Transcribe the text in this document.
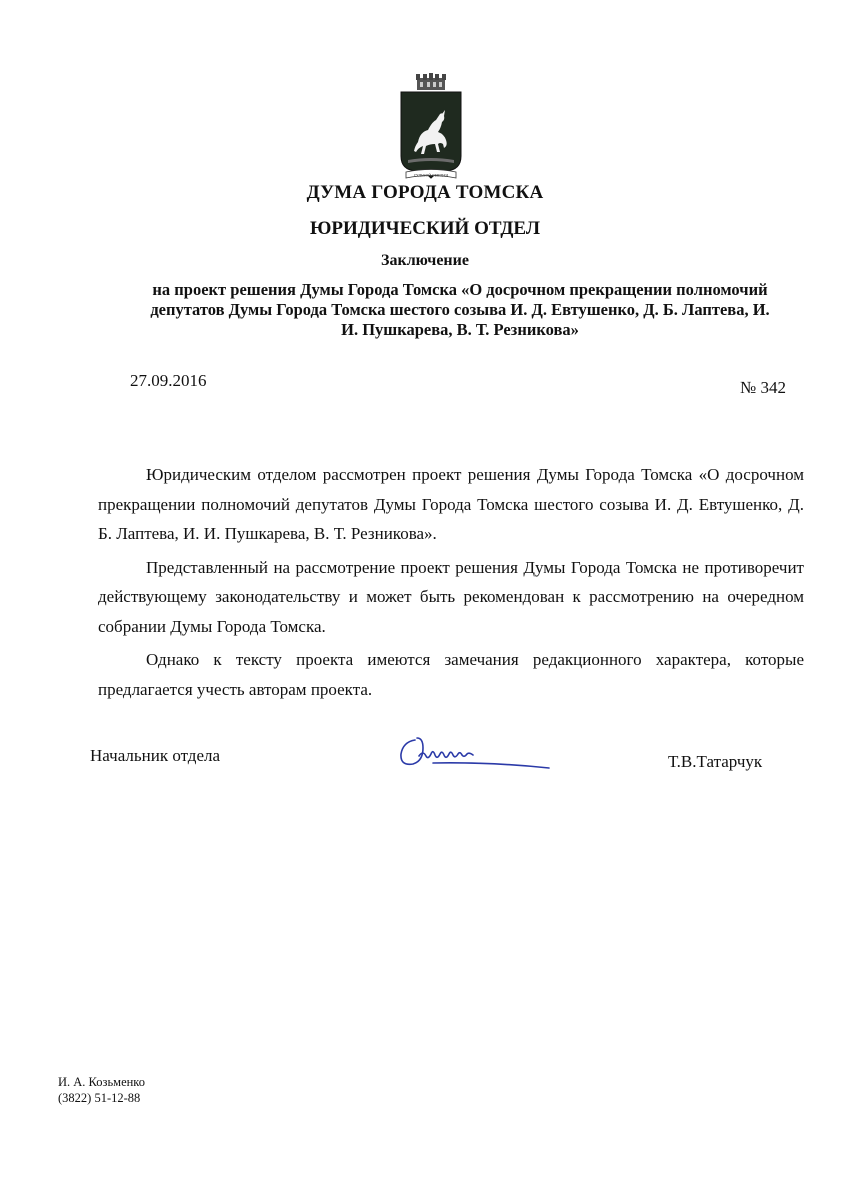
СУДЬБОЙ ОБЕЩАН
ДУМА ГОРОДА ТОМСКА
ЮРИДИЧЕСКИЙ ОТДЕЛ
Заключение
на проект решения Думы Города Томска «О досрочном прекращении полномочий депутатов Думы Города Томска шестого созыва И. Д. Евтушенко, Д. Б. Лаптева, И. И. Пушкарева, В. Т. Резникова»
27.09.2016	№ 342

Юридическим отделом рассмотрен проект решения Думы Города Томска «О досрочном прекращении полномочий депутатов Думы Города Томска шестого созыва И. Д. Евтушенко, Д. Б. Лаптева, И. И. Пушкарева, В. Т. Резникова».

Представленный на рассмотрение проект решения Думы Города Томска не противоречит действующему законодательству и может быть рекомендован к рассмотрению на очередном собрании Думы Города Томска.

Однако к тексту проекта имеются замечания редакционного характера, которые предлагается учесть авторам проекта.

Начальник отдела	Т.В.Татарчук
И. А. Козьменко
(3822) 51-12-88
